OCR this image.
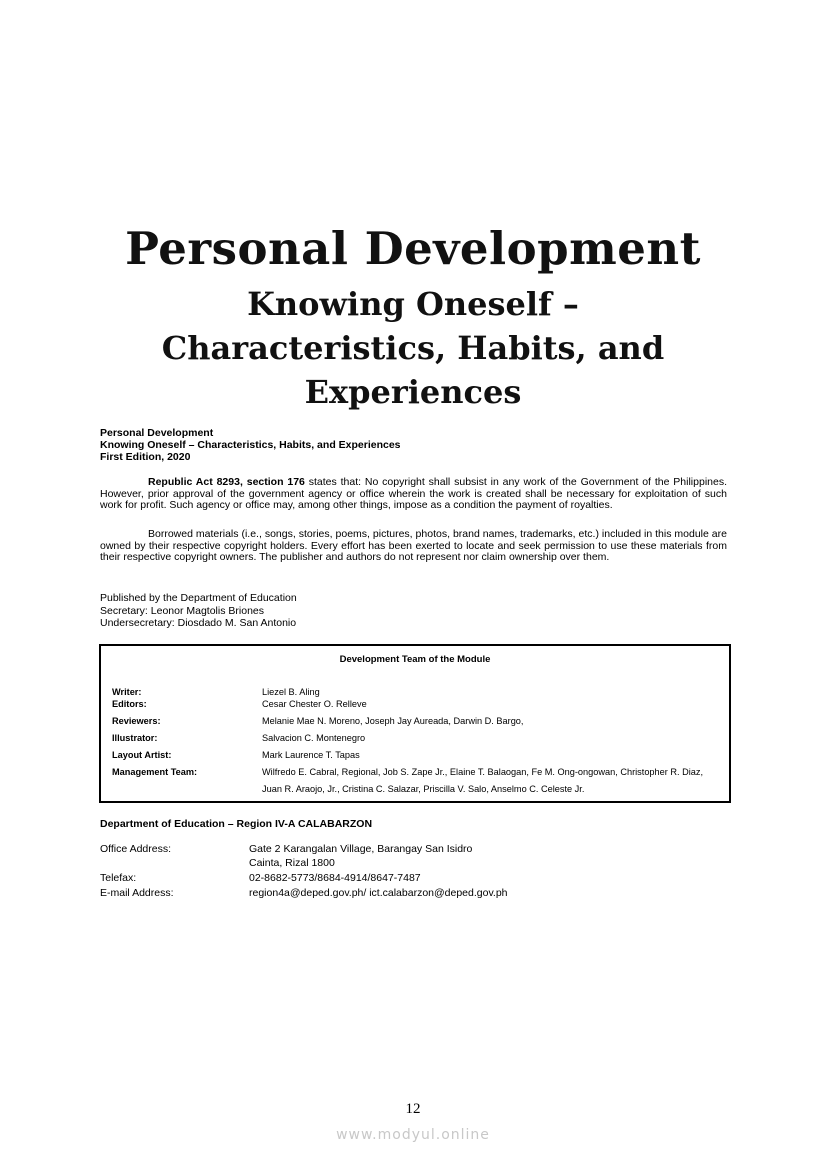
Personal Development
Knowing Oneself –
Characteristics, Habits, and
Experiences
Personal Development
Knowing Oneself – Characteristics, Habits, and Experiences
First Edition, 2020
Republic Act 8293, section 176 states that: No copyright shall subsist in any work of the Government of the Philippines. However, prior approval of the government agency or office wherein the work is created shall be necessary for exploitation of such work for profit. Such agency or office may, among other things, impose as a condition the payment of royalties.
Borrowed materials (i.e., songs, stories, poems, pictures, photos, brand names, trademarks, etc.) included in this module are owned by their respective copyright holders. Every effort has been exerted to locate and seek permission to use these materials from their respective copyright owners. The publisher and authors do not represent nor claim ownership over them.
Published by the Department of Education
Secretary: Leonor Magtolis Briones
Undersecretary: Diosdado M. San Antonio
Development Team of the Module
Writer:	Liezel B. Aling
Editors:	Cesar Chester O. Relleve
Reviewers:	Melanie Mae N. Moreno, Joseph Jay Aureada, Darwin D. Bargo,
Illustrator:	Salvacion C. Montenegro
Layout Artist:	Mark Laurence T. Tapas
Management Team:	Wilfredo E. Cabral, Regional, Job S. Zape Jr., Elaine T. Balaogan, Fe M. Ong-ongowan, Christopher R. Diaz,
Juan R. Araojo, Jr., Cristina C. Salazar, Priscilla V. Salo, Anselmo C. Celeste Jr.
Department of Education – Region IV-A CALABARZON
Office Address:	Gate 2 Karangalan Village, Barangay San Isidro
Cainta, Rizal 1800
Telefax:	02-8682-5773/8684-4914/8647-7487
E-mail Address:	region4a@deped.gov.ph/ ict.calabarzon@deped.gov.ph
12
www.modyul.online
